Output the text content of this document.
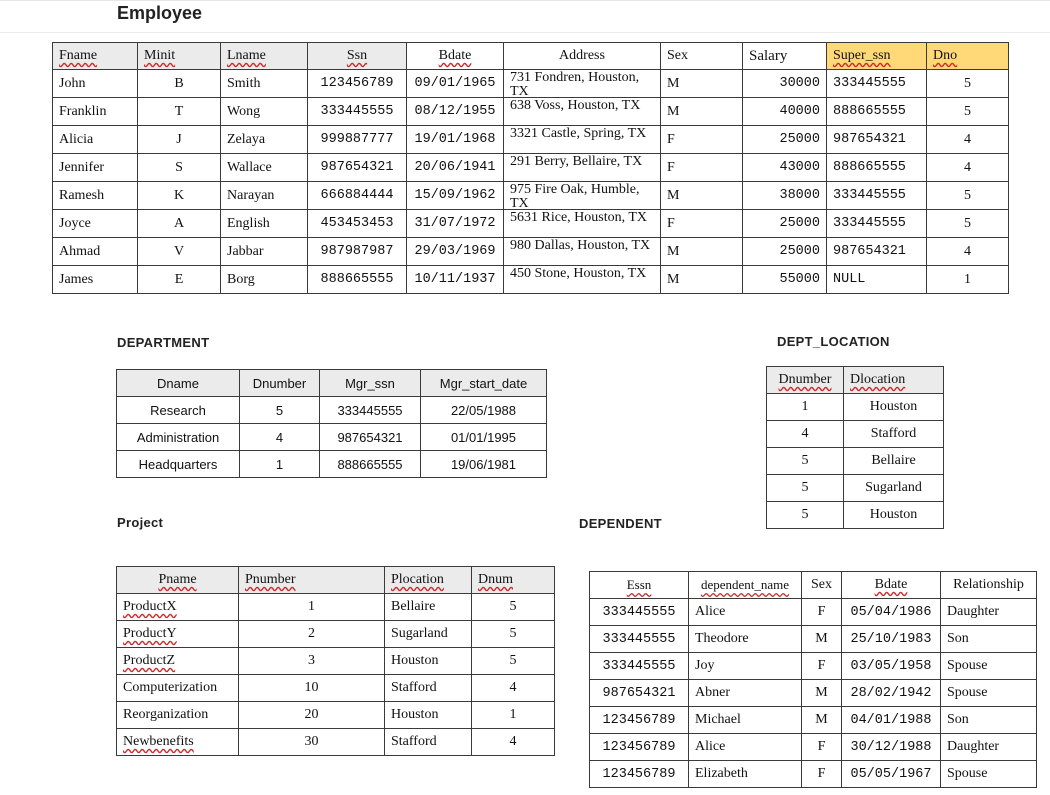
Employee
Fname	Minit	Lname	Ssn	Bdate	Address	Sex	Salary	Super_ssn	Dno
John	B	Smith	123456789	09/01/1965	731 Fondren, Houston, TX	M	30000	333445555	5
Franklin	T	Wong	333445555	08/12/1955	638 Voss, Houston, TX	M	40000	888665555	5
Alicia	J	Zelaya	999887777	19/01/1968	3321 Castle, Spring, TX	F	25000	987654321	4
Jennifer	S	Wallace	987654321	20/06/1941	291 Berry, Bellaire, TX	F	43000	888665555	4
Ramesh	K	Narayan	666884444	15/09/1962	975 Fire Oak, Humble, TX	M	38000	333445555	5
Joyce	A	English	453453453	31/07/1972	5631 Rice, Houston, TX	F	25000	333445555	5
Ahmad	V	Jabbar	987987987	29/03/1969	980 Dallas, Houston, TX	M	25000	987654321	4
James	E	Borg	888665555	10/11/1937	450 Stone, Houston, TX	M	55000	NULL	1
DEPARTMENT
Dname	Dnumber	Mgr_ssn	Mgr_start_date
Research	5	333445555	22/05/1988
Administration	4	987654321	01/01/1995
Headquarters	1	888665555	19/06/1981
DEPT_LOCATION
Dnumber	Dlocation
1	Houston
4	Stafford
5	Bellaire
5	Sugarland
5	Houston
Project	DEPENDENT
Pname	Pnumber	Plocation	Dnum
ProductX	1	Bellaire	5
ProductY	2	Sugarland	5
ProductZ	3	Houston	5
Computerization	10	Stafford	4
Reorganization	20	Houston	1
Newbenefits	30	Stafford	4
Essn	dependent_name	Sex	Bdate	Relationship
333445555	Alice	F	05/04/1986	Daughter
333445555	Theodore	M	25/10/1983	Son
333445555	Joy	F	03/05/1958	Spouse
987654321	Abner	M	28/02/1942	Spouse
123456789	Michael	M	04/01/1988	Son
123456789	Alice	F	30/12/1988	Daughter
123456789	Elizabeth	F	05/05/1967	Spouse
